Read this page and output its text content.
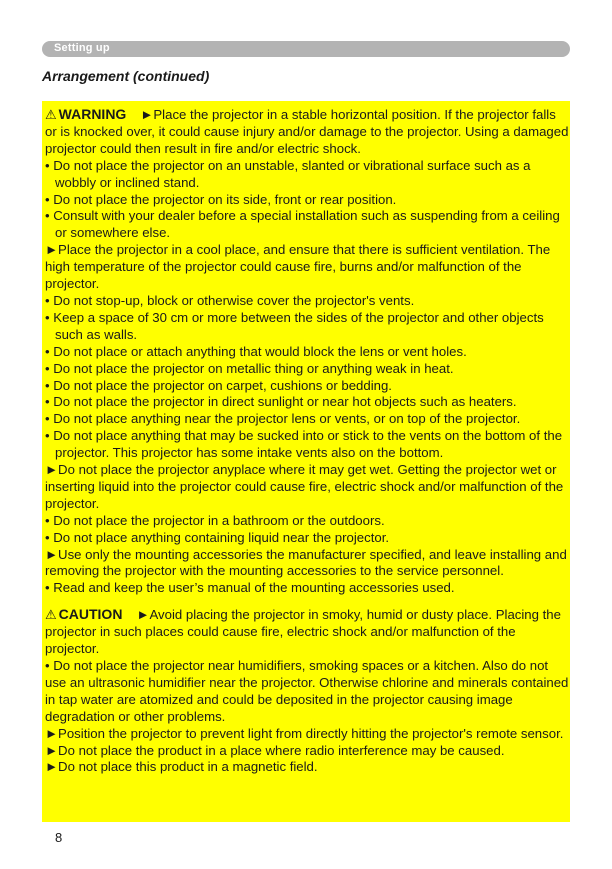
Setting up
Arrangement (continued)

⚠ WARNING ►Place the projector in a stable horizontal position. If the projector falls or is knocked over, it could cause injury and/or damage to the projector. Using a damaged projector could then result in fire and/or electric shock.

• Do not place the projector on an unstable, slanted or vibrational surface such as a wobbly or inclined stand.

• Do not place the projector on its side, front or rear position.

• Consult with your dealer before a special installation such as suspending from a ceiling or somewhere else.

►Place the projector in a cool place, and ensure that there is sufficient ventilation. The high temperature of the projector could cause fire, burns and/or malfunction of the projector.

• Do not stop-up, block or otherwise cover the projector's vents.

• Keep a space of 30 cm or more between the sides of the projector and other objects such as walls.

• Do not place or attach anything that would block the lens or vent holes.

• Do not place the projector on metallic thing or anything weak in heat.

• Do not place the projector on carpet, cushions or bedding.

• Do not place the projector in direct sunlight or near hot objects such as heaters.

• Do not place anything near the projector lens or vents, or on top of the projector.

• Do not place anything that may be sucked into or stick to the vents on the bottom of the projector. This projector has some intake vents also on the bottom.

►Do not place the projector anyplace where it may get wet. Getting the projector wet or inserting liquid into the projector could cause fire, electric shock and/or malfunction of the projector.

• Do not place the projector in a bathroom or the outdoors.

• Do not place anything containing liquid near the projector.

►Use only the mounting accessories the manufacturer specified, and leave installing and removing the projector with the mounting accessories to the service personnel.

• Read and keep the user’s manual of the mounting accessories used.

⚠ CAUTION ►Avoid placing the projector in smoky, humid or dusty place. Placing the projector in such places could cause fire, electric shock and/or malfunction of the projector.

• Do not place the projector near humidifiers, smoking spaces or a kitchen. Also do not use an ultrasonic humidifier near the projector. Otherwise chlorine and minerals contained in tap water are atomized and could be deposited in the projector causing image degradation or other problems.

►Position the projector to prevent light from directly hitting the projector's remote sensor.

►Do not place the product in a place where radio interference may be caused.

►Do not place this product in a magnetic field.

8
